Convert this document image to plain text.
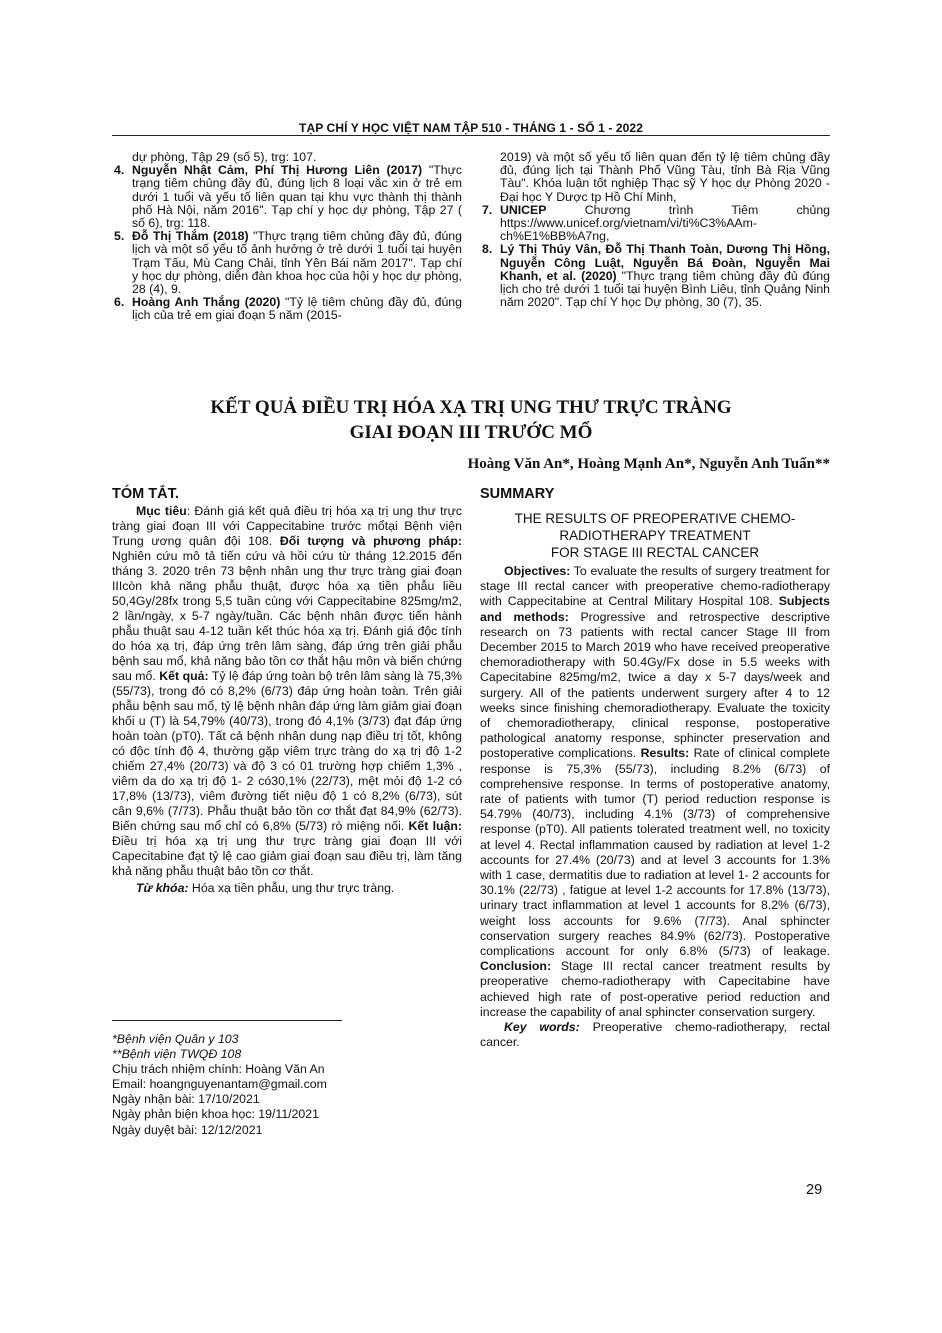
TẠP CHÍ Y HỌC VIỆT NAM TẬP 510 - THÁNG 1 - SỐ 1 - 2022
dự phòng, Tập 29 (số 5), trg: 107.
4. Nguyễn Nhật Cảm, Phí Thị Hương Liên (2017) "Thực trạng tiêm chủng đầy đủ, đúng lịch 8 loại vắc xin ở trẻ em dưới 1 tuổi và yếu tố liên quan tại khu vực thành thị thành phố Hà Nội, năm 2016". Tạp chí y học dự phòng, Tập 27 ( số 6), trg: 118.
5. Đỗ Thị Thắm (2018) "Thực trạng tiêm chủng đầy đủ, đúng lịch và một số yếu tố ảnh hưởng ở trẻ dưới 1 tuổi tại huyện Trạm Tấu, Mù Cang Chải, tỉnh Yên Bái năm 2017". Tạp chí y học dự phòng, diễn đàn khoa học của hội y học dự phòng, 28 (4), 9.
6. Hoàng Anh Thắng (2020) "Tỷ lệ tiêm chủng đầy đủ, đúng lịch của trẻ em giai đoạn 5 năm (2015-
2019) và một số yếu tố liên quan đến tỷ lệ tiêm chủng đầy đủ, đúng lịch tại Thành Phố Vũng Tàu, tỉnh Bà Rịa Vũng Tàu". Khóa luận tốt nghiệp Thạc sỹ Y học dự Phòng 2020 - Đại học Y Dược tp Hồ Chí Minh,
7. UNICEP Chương trình Tiêm chủng https://www.unicef.org/vietnam/vi/ti%C3%AAm-ch%E1%BB%A7ng,
8. Lý Thị Thúy Vân, Đỗ Thị Thanh Toàn, Dương Thị Hồng, Nguyễn Công Luật, Nguyễn Bá Đoàn, Nguyễn Mai Khanh, et al. (2020) "Thực trạng tiêm chủng đầy đủ đúng lịch cho trẻ dưới 1 tuổi tại huyện Bình Liêu, tỉnh Quảng Ninh năm 2020". Tạp chí Y học Dự phòng, 30 (7), 35.
KẾT QUẢ ĐIỀU TRỊ HÓA XẠ TRỊ UNG THƯ TRỰC TRÀNG
GIAI ĐOẠN III TRƯỚC MỔ
Hoàng Văn An*, Hoàng Mạnh An*, Nguyễn Anh Tuấn**
TÓM TẮT.
Mục tiêu: Đánh giá kết quả điều trị hóa xạ trị ung thư trực tràng giai đoạn III với Cappecitabine trước mổtại Bệnh viện Trung ương quân đội 108. Đối tượng và phương pháp: Nghiên cứu mô tả tiến cứu và hồi cứu từ tháng 12.2015 đến tháng 3. 2020 trên 73 bệnh nhân ung thư trực tràng giai đoạn IIIcòn khả năng phẫu thuật, được hóa xạ tiền phẫu liều 50,4Gy/28fx trong 5,5 tuần cùng với Cappecitabine 825mg/m2, 2 lần/ngày, x 5-7 ngày/tuần. Các bệnh nhân được tiến hành phẫu thuật sau 4-12 tuần kết thúc hóa xạ trị. Đánh giá độc tính do hóa xạ trị, đáp ứng trên lâm sàng, đáp ứng trên giải phẫu bệnh sau mổ, khả năng bảo tồn cơ thắt hậu môn và biến chứng sau mổ. Kết quả: Tỷ lệ đáp ứng toàn bộ trên lâm sàng là 75,3% (55/73), trong đó có 8,2% (6/73) đáp ứng hoàn toàn. Trên giải phẫu bệnh sau mổ, tỷ lệ bệnh nhân đáp ứng làm giảm giai đoạn khối u (T) là 54,79% (40/73), trong đó 4,1% (3/73) đạt đáp ứng hoàn toàn (pT0). Tất cả bệnh nhân dung nạp điều trị tốt, không có độc tính độ 4, thường gặp viêm trực tràng do xạ trị độ 1-2 chiếm 27,4% (20/73) và độ 3 có 01 trường hợp chiếm 1,3% , viêm da do xạ trị độ 1- 2 có30,1% (22/73), mệt mỏi độ 1-2 có 17,8% (13/73), viêm đường tiết niệu độ 1 có 8,2% (6/73), sút cân 9,6% (7/73). Phẫu thuật bảo tồn cơ thắt đạt 84,9% (62/73). Biến chứng sau mổ chỉ có 6,8% (5/73) rò miệng nối. Kết luận: Điều trị hóa xạ trị ung thư trực tràng giai đoạn III với Capecitabine đạt tỷ lệ cao giảm giai đoạn sau điều trị, làm tăng khả năng phẫu thuật bảo tồn cơ thắt.
Từ khóa: Hóa xạ tiền phẫu, ung thư trực tràng.
SUMMARY
THE RESULTS OF PREOPERATIVE CHEMO-
RADIOTHERAPY TREATMENT
FOR STAGE III RECTAL CANCER
Objectives: To evaluate the results of surgery treatment for stage III rectal cancer with preoperative chemo-radiotherapy with Cappecitabine at Central Military Hospital 108. Subjects and methods: Progressive and retrospective descriptive research on 73 patients with rectal cancer Stage III from December 2015 to March 2019 who have received preoperative chemoradiotherapy with 50.4Gy/Fx dose in 5.5 weeks with Capecitabine 825mg/m2, twice a day x 5-7 days/week and surgery. All of the patients underwent surgery after 4 to 12 weeks since finishing chemoradiotherapy. Evaluate the toxicity of chemoradiotherapy, clinical response, postoperative pathological anatomy response, sphincter preservation and postoperative complications. Results: Rate of clinical complete response is 75,3% (55/73), including 8.2% (6/73) of comprehensive response. In terms of postoperative anatomy, rate of patients with tumor (T) period reduction response is 54.79% (40/73), including 4.1% (3/73) of comprehensive response (pT0). All patients tolerated treatment well, no toxicity at level 4. Rectal inflammation caused by radiation at level 1-2 accounts for 27.4% (20/73) and at level 3 accounts for 1.3% with 1 case, dermatitis due to radiation at level 1- 2 accounts for 30.1% (22/73) , fatigue at level 1-2 accounts for 17.8% (13/73), urinary tract inflammation at level 1 accounts for 8.2% (6/73), weight loss accounts for 9.6% (7/73). Anal sphincter conservation surgery reaches 84.9% (62/73). Postoperative complications account for only 6.8% (5/73) of leakage. Conclusion: Stage III rectal cancer treatment results by preoperative chemo-radiotherapy with Capecitabine have achieved high rate of post-operative period reduction and increase the capability of anal sphincter conservation surgery.
Key words: Preoperative chemo-radiotherapy, rectal cancer.
*Bệnh viện Quân y 103
**Bệnh viện TWQĐ 108
Chịu trách nhiệm chính: Hoàng Văn An
Email: hoangnguyenantam@gmail.com
Ngày nhận bài: 17/10/2021
Ngày phản biện khoa học: 19/11/2021
Ngày duyệt bài: 12/12/2021
29
